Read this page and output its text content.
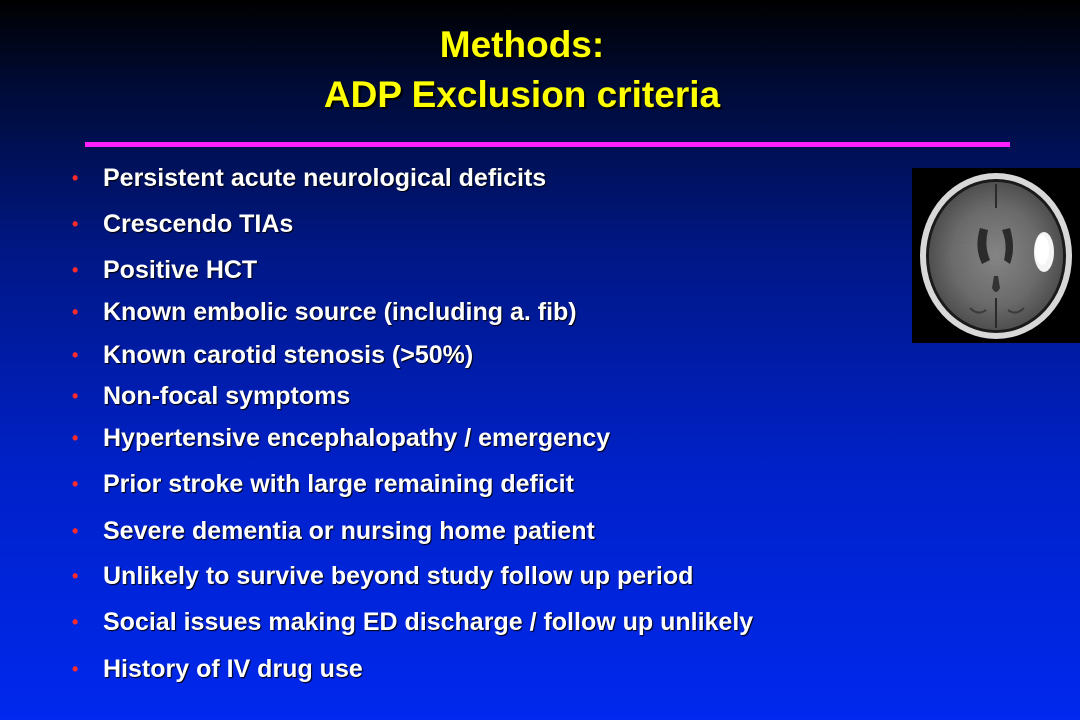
Methods:
ADP Exclusion criteria
• Persistent acute neurological deficits
• Crescendo TIAs
• Positive HCT
• Known embolic source (including a. fib)
• Known carotid stenosis (>50%)
• Non-focal symptoms
• Hypertensive encephalopathy / emergency
• Prior stroke with large remaining deficit
• Severe dementia or nursing home patient
• Unlikely to survive beyond study follow up period
• Social issues making ED discharge / follow up unlikely
• History of IV drug use
